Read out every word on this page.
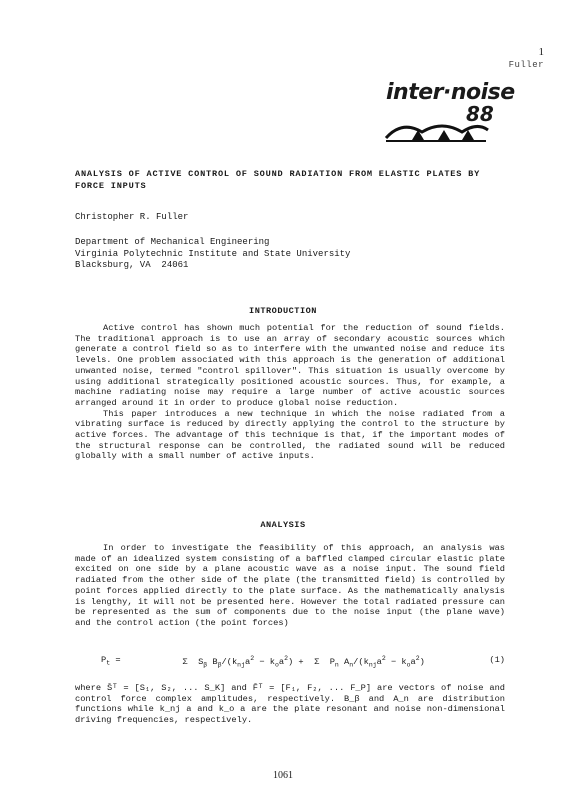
1
Fuller
inter·noise
88
ANALYSIS OF ACTIVE CONTROL OF SOUND RADIATION FROM ELASTIC PLATES BY FORCE INPUTS
Christopher R. Fuller
Department of Mechanical Engineering
Virginia Polytechnic Institute and State University
Blacksburg, VA  24061
INTRODUCTION

Active control has shown much potential for the reduction of sound fields. The traditional approach is to use an array of secondary acoustic sources which generate a control field so as to interfere with the unwanted noise and reduce its levels. One problem associated with this approach is the generation of additional unwanted noise, termed "control spillover". This situation is usually overcome by using additional strategically positioned acoustic sources. Thus, for example, a machine radiating noise may require a large number of active acoustic sources arranged around it in order to produce global noise reduction.

This paper introduces a new technique in which the noise radiated from a vibrating surface is reduced by directly applying the control to the structure by active forces. The advantage of this technique is that, if the important modes of the structural response can be controlled, the radiated sound will be reduced globally with a small number of active inputs.

ANALYSIS

In order to investigate the feasibility of this approach, an analysis was made of an idealized system consisting of a baffled clamped circular elastic plate excited on one side by a plane acoustic wave as a noise input. The sound field radiated from the other side of the plate (the transmitted field) is controlled by point forces applied directly to the plate surface. As the mathematically analysis is lengthy, it will not be presented here. However the total radiated pressure can be represented as the sum of components due to the noise input (the plane wave) and the control action (the point forces)

$P_t$ =	Σ  $S_\beta$ $B_\beta/(k_{nj}a^2 - k_oa^2) + \Sigma$  $P_n$ $A_n/(k_{nj}a^2 - k_oa^2)$	(1)
where S̄ᵀ = [S₁, S₂, ... S_K] and F̄ᵀ = [F₁, F₂, ... F_P] are vectors of noise and control force complex amplitudes, respectively. B_β and A_n are distribution functions while k_nj a and k_o a are the plate resonant and noise non-dimensional driving frequencies, respectively.
1061
